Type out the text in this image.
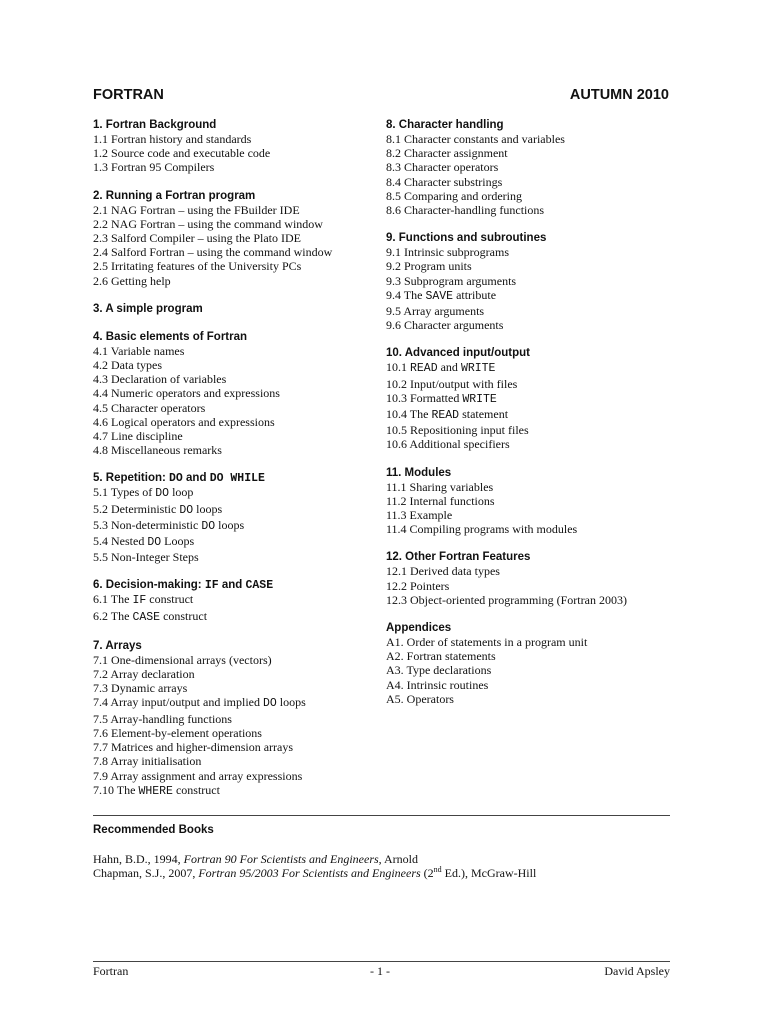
FORTRAN	AUTUMN 2010
1. Fortran Background
1.1 Fortran history and standards
1.2 Source code and executable code
1.3 Fortran 95 Compilers
2. Running a Fortran program
2.1 NAG Fortran – using the FBuilder IDE
2.2 NAG Fortran – using the command window
2.3 Salford Compiler – using the Plato IDE
2.4 Salford Fortran – using the command window
2.5 Irritating features of the University PCs
2.6 Getting help
3. A simple program
4. Basic elements of Fortran
4.1 Variable names
4.2 Data types
4.3 Declaration of variables
4.4 Numeric operators and expressions
4.5 Character operators
4.6 Logical operators and expressions
4.7 Line discipline
4.8 Miscellaneous remarks
5. Repetition: DO and DO WHILE
5.1 Types of DO loop
5.2 Deterministic DO loops
5.3 Non-deterministic DO loops
5.4 Nested DO Loops
5.5 Non-Integer Steps
6. Decision-making: IF and CASE
6.1 The IF construct
6.2 The CASE construct
7. Arrays
7.1 One-dimensional arrays (vectors)
7.2 Array declaration
7.3 Dynamic arrays
7.4 Array input/output and implied DO loops
7.5 Array-handling functions
7.6 Element-by-element operations
7.7 Matrices and higher-dimension arrays
7.8 Array initialisation
7.9 Array assignment and array expressions
7.10 The WHERE construct
8. Character handling
8.1 Character constants and variables
8.2 Character assignment
8.3 Character operators
8.4 Character substrings
8.5 Comparing and ordering
8.6 Character-handling functions
9. Functions and subroutines
9.1 Intrinsic subprograms
9.2 Program units
9.3 Subprogram arguments
9.4 The SAVE attribute
9.5 Array arguments
9.6 Character arguments
10. Advanced input/output
10.1 READ and WRITE
10.2 Input/output with files
10.3 Formatted WRITE
10.4 The READ statement
10.5 Repositioning input files
10.6 Additional specifiers
11. Modules
11.1 Sharing variables
11.2 Internal functions
11.3 Example
11.4 Compiling programs with modules
12. Other Fortran Features
12.1 Derived data types
12.2 Pointers
12.3 Object-oriented programming (Fortran 2003)
Appendices
A1. Order of statements in a program unit
A2. Fortran statements
A3. Type declarations
A4. Intrinsic routines
A5. Operators
Recommended Books
Hahn, B.D., 1994, Fortran 90 For Scientists and Engineers, Arnold
Chapman, S.J., 2007, Fortran 95/2003 For Scientists and Engineers (2nd Ed.), McGraw-Hill
Fortran	- 1 -	David Apsley
